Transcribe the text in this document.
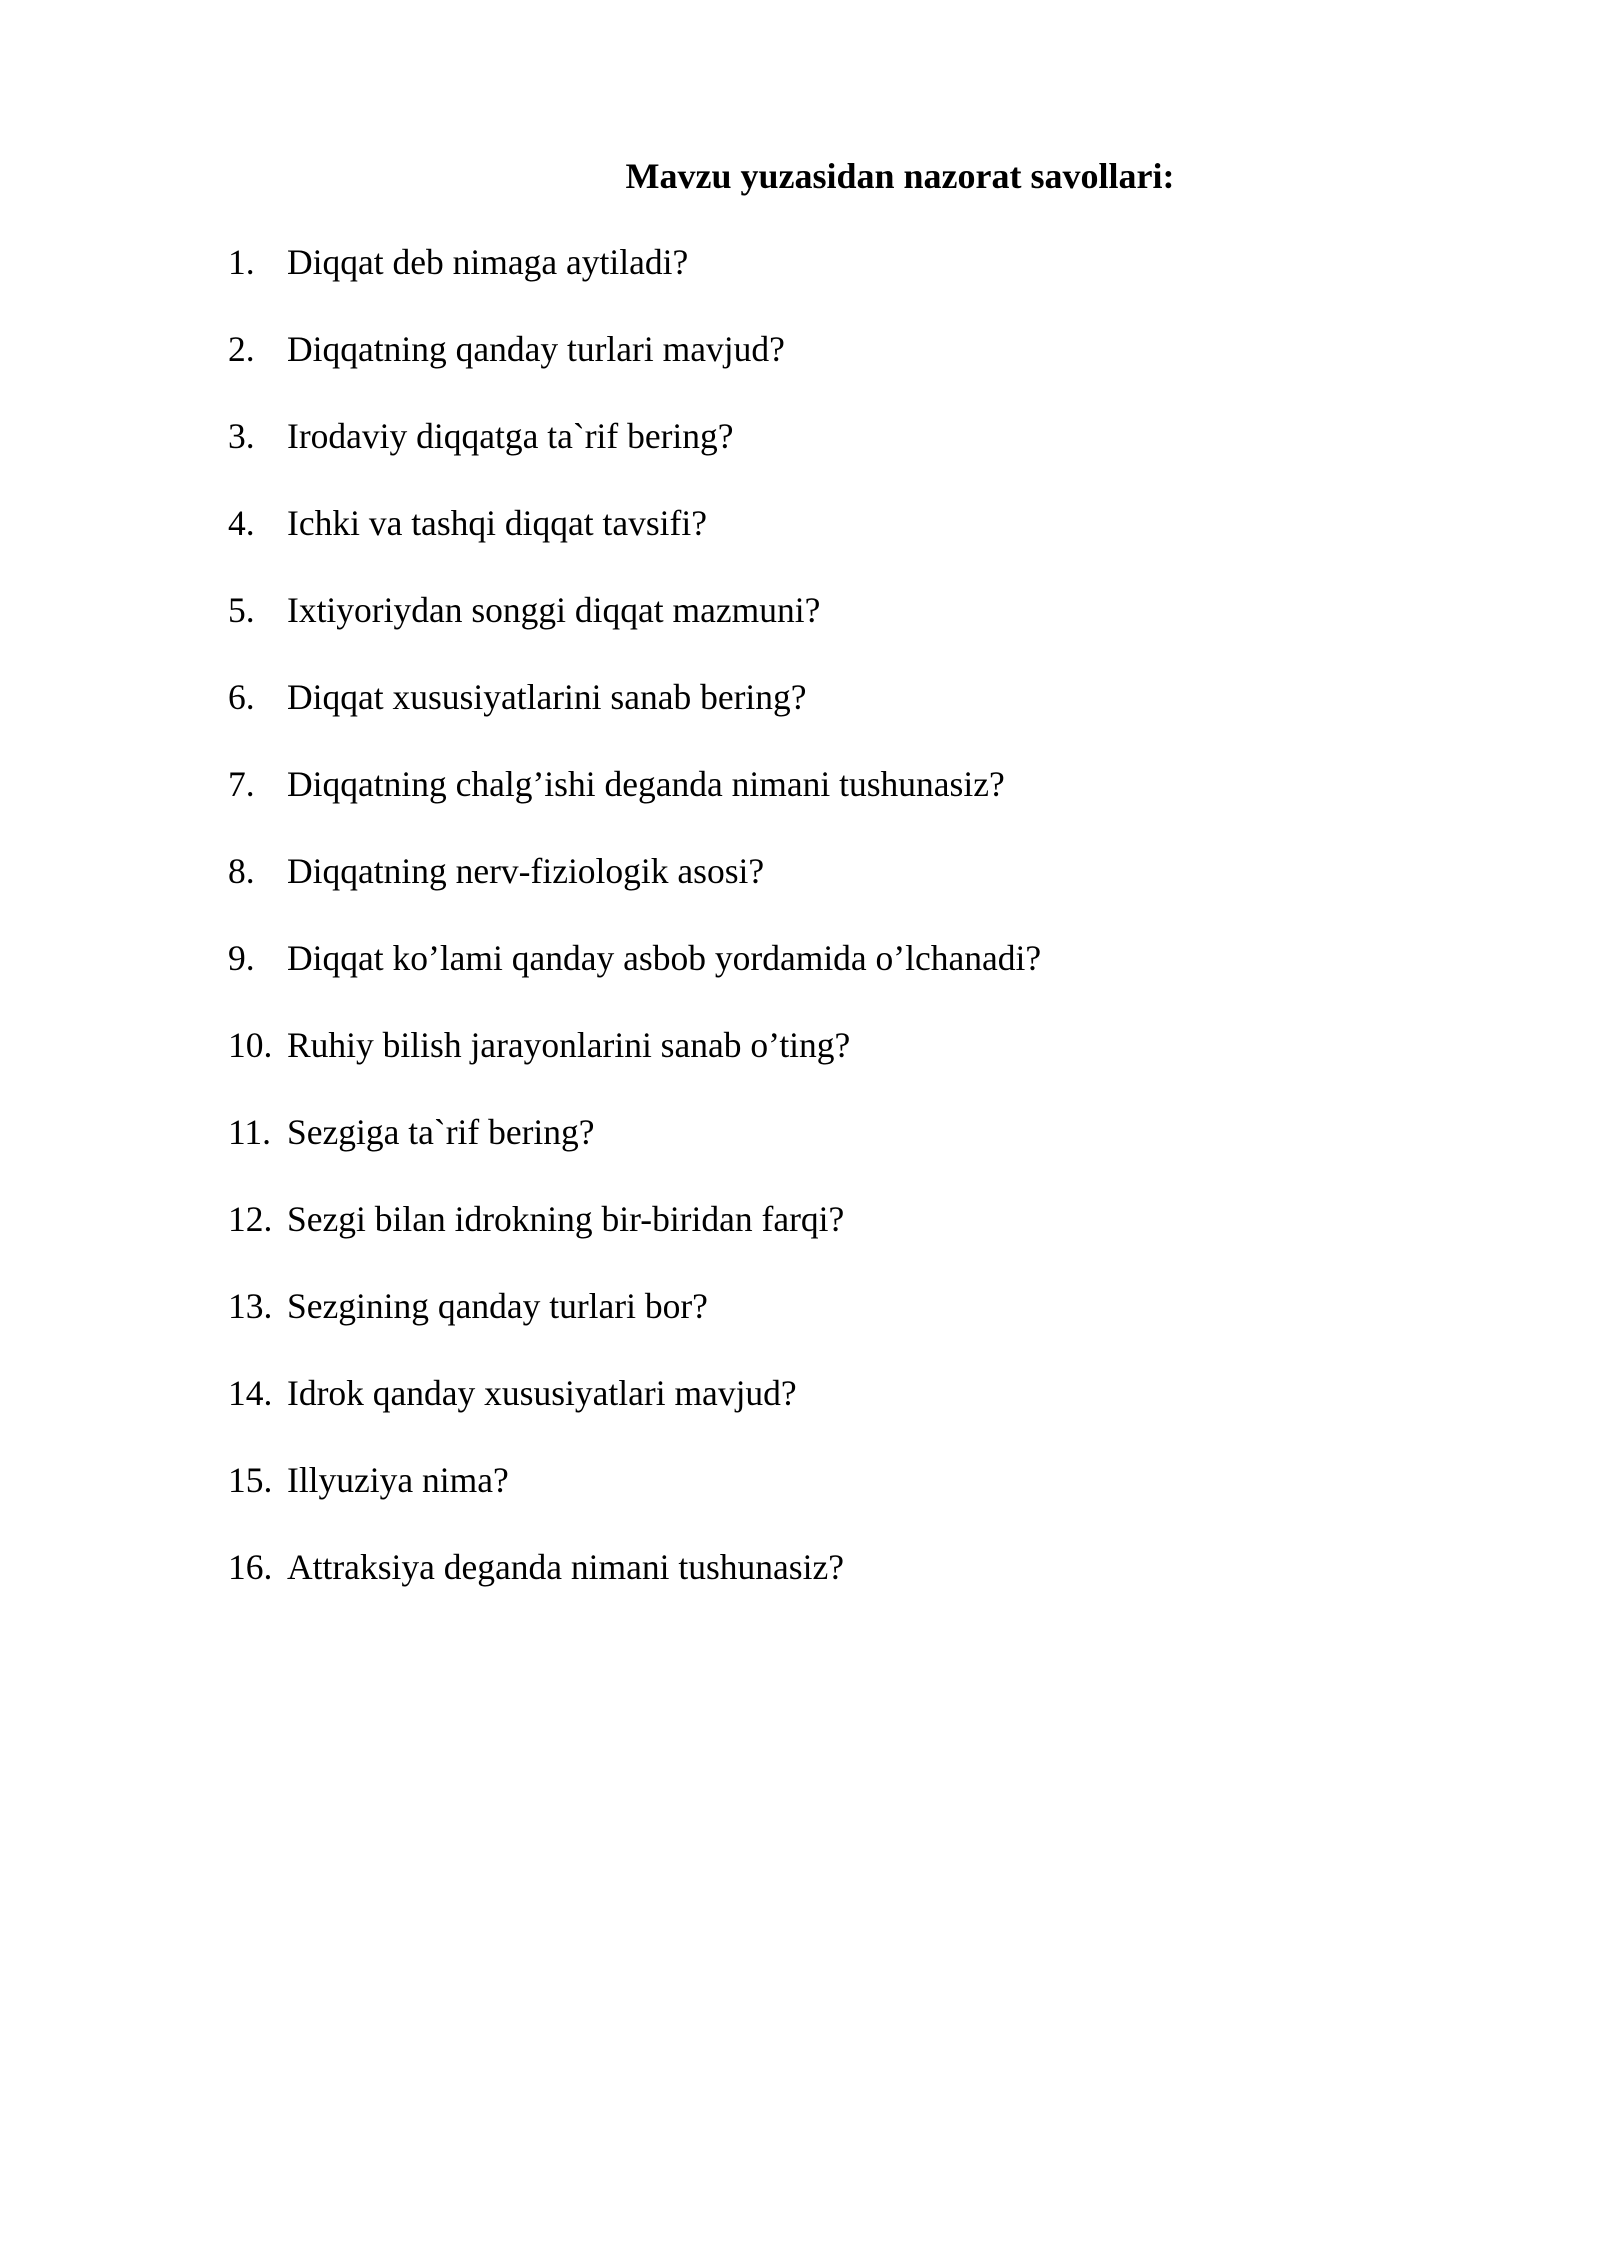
Mavzu yuzasidan nazorat savollari:
1. Diqqat deb nimaga aytiladi?
2. Diqqatning qanday turlari mavjud?
3. Irodaviy diqqatga ta`rif bering?
4. Ichki va tashqi diqqat tavsifi?
5. Ixtiyoriydan songgi diqqat mazmuni?
6. Diqqat xususiyatlarini sanab bering?
7. Diqqatning chalg’ishi deganda nimani tushunasiz?
8. Diqqatning nerv-fiziologik asosi?
9. Diqqat ko’lami qanday asbob yordamida o’lchanadi?
10. Ruhiy bilish jarayonlarini sanab o’ting?
11. Sezgiga ta`rif bering?
12. Sezgi bilan idrokning bir-biridan farqi?
13. Sezgining qanday turlari bor?
14. Idrok qanday xususiyatlari mavjud?
15. Illyuziya nima?
16. Attraksiya deganda nimani tushunasiz?
